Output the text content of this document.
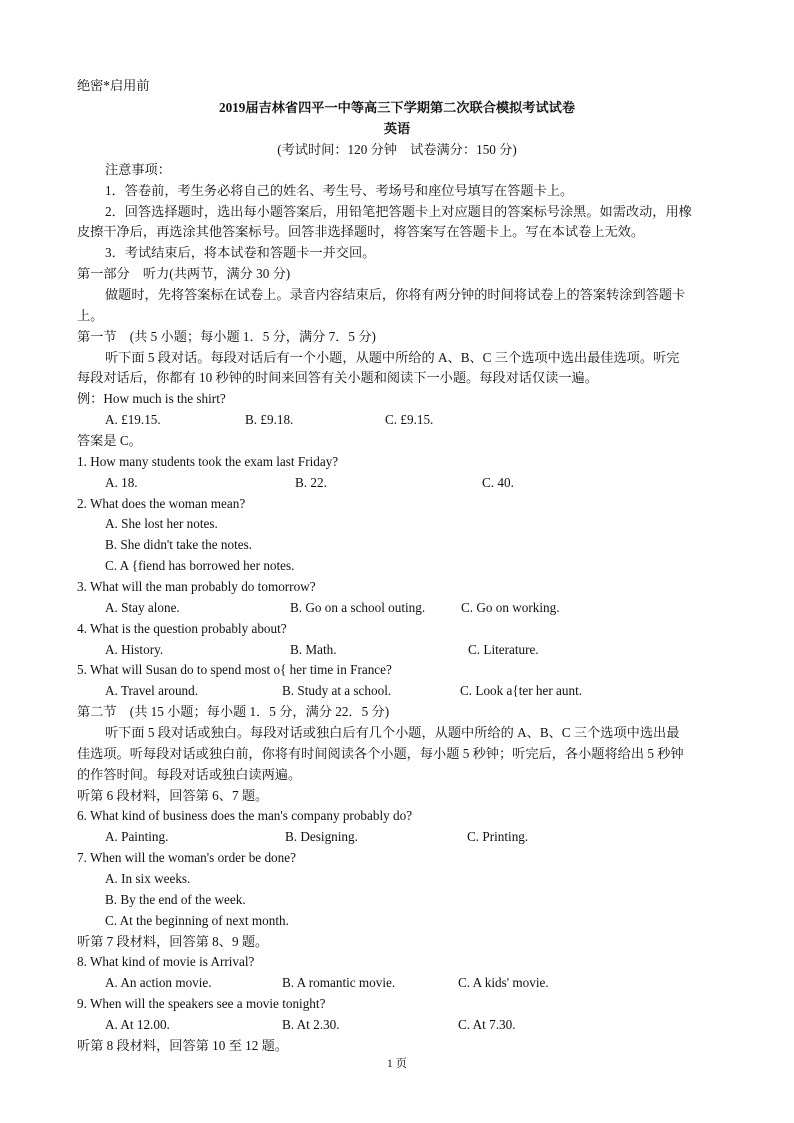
绝密*启用前
2019届吉林省四平一中等高三下学期第二次联合模拟考试试卷
英语
(考试时间：120 分钟　试卷满分：150 分)
注意事项：
1．答卷前，考生务必将自己的姓名、考生号、考场号和座位号填写在答题卡上。
2．回答选择题时，选出每小题答案后，用铅笔把答题卡上对应题目的答案标号涂黑。如需改动，用橡
皮擦干净后，再选涂其他答案标号。回答非选择题时，将答案写在答题卡上。写在本试卷上无效。
3．考试结束后，将本试卷和答题卡一并交回。
第一部分　听力(共两节，满分 30 分)
做题时，先将答案标在试卷上。录音内容结束后，你将有两分钟的时间将试卷上的答案转涂到答题卡
上。
第一节　(共 5 小题；每小题 1．5 分，满分 7．5 分)
听下面 5 段对话。每段对话后有一个小题，从题中所给的 A、B、C 三个选项中选出最佳选项。听完
每段对话后，你都有 10 秒钟的时间来回答有关小题和阅读下一小题。每段对话仅读一遍。
例：How much is the shirt?
A. £19.15.	B. £9.18.	C. £9.15.
答案是 C。
1. How many students took the exam last Friday?
A. 18.	B. 22.	C. 40.
2. What does the woman mean?
A. She lost her notes.
B. She didn't take the notes.
C. A {fiend has borrowed her notes.
3. What will the man probably do tomorrow?
A. Stay alone.	B. Go on a school outing.	C. Go on working.
4. What is the question probably about?
A. History.	B. Math.	C. Literature.
5. What will Susan do to spend most o{ her time in France?
A. Travel around.	B. Study at a school.	C. Look a{ter her aunt.
第二节　(共 15 小题；每小题 1．5 分，满分 22．5 分)
听下面 5 段对话或独白。每段对话或独白后有几个小题，从题中所给的 A、B、C 三个选项中选出最
佳选项。听每段对话或独白前，你将有时间阅读各个小题，每小题 5 秒钟；听完后，各小题将给出 5 秒钟
的作答时间。每段对话或独白读两遍。
听第 6 段材料，回答第 6、7 题。
6. What kind of business does the man's company probably do?
A. Painting.	B. Designing.	C. Printing.
7. When will the woman's order be done?
A. In six weeks.
B. By the end of the week.
C. At the beginning of next month.
听第 7 段材料，回答第 8、9 题。
8. What kind of movie is Arrival?
A. An action movie.	B. A romantic movie.	C. A kids' movie.
9. When will the speakers see a movie tonight?
A. At 12.00.	B. At 2.30.	C. At 7.30.
听第 8 段材料，回答第 10 至 12 题。
1 页
